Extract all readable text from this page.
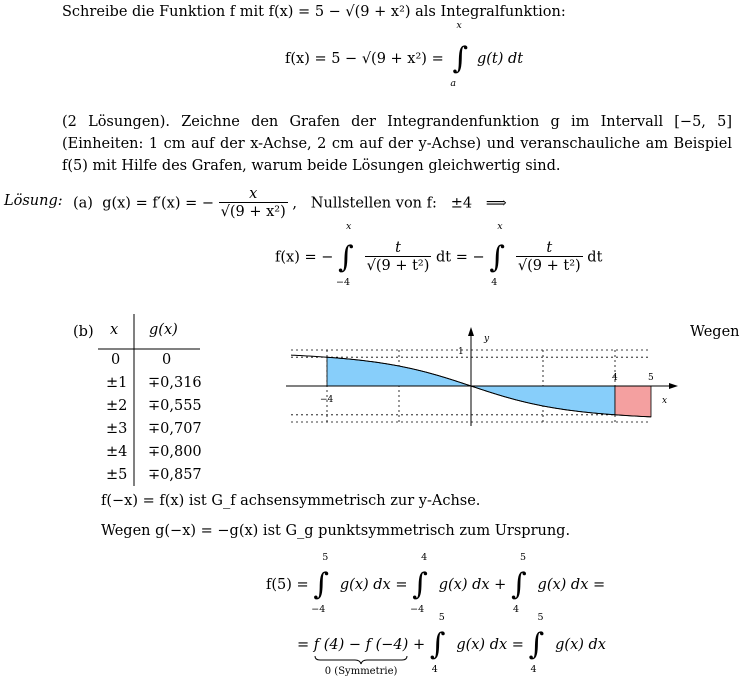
Schreibe die Funktion f mit f(x) = 5 − √(9 + x²) als Integralfunktion:
f(x) = 5 − √(9 + x²) =
x
∫
a
g(t) dt
(2 Lösungen). Zeichne den Grafen der Integrandenfunktion g im Intervall [−5, 5] (Einheiten: 1 cm auf der x-Achse, 2 cm auf der y-Achse) und veranschauliche am Beispiel f(5) mit Hilfe des Grafen, warum beide Lösungen gleichwertig sind.
Lösung: (a) g(x) = f′(x) = − $\frac{x}{\text{√(9 + x²)}}$ ,   Nullstellen von f:   ±4   ⟹
f(x) = −
x
∫
−4

$\frac{t}{\text{√(9 + t²)}}$ dt = −
x
∫
4

$\frac{t}{\text{√(9 + t²)}}$ dt
(b) x g(x)
0	0
±1 ∓0,316
±2 ∓0,555
±3 ∓0,707
±4 ∓0,800
±5 ∓0,857
Wegen
−4
4	5
1
y
x
f(−x) = f(x) ist G_f achsensymmetrisch zur y-Achse.
Wegen g(−x) = −g(x) ist G_g punktsymmetrisch zum Ursprung.
f(5) =
5
∫
−4
g(x) dx =
4
∫
−4
g(x) dx +
5
∫
4
g(x) dx =
= f (4) − f (−4)
0 (Symmetrie)
+
5
∫
4
g(x) dx =
5
∫
4
g(x) dx
